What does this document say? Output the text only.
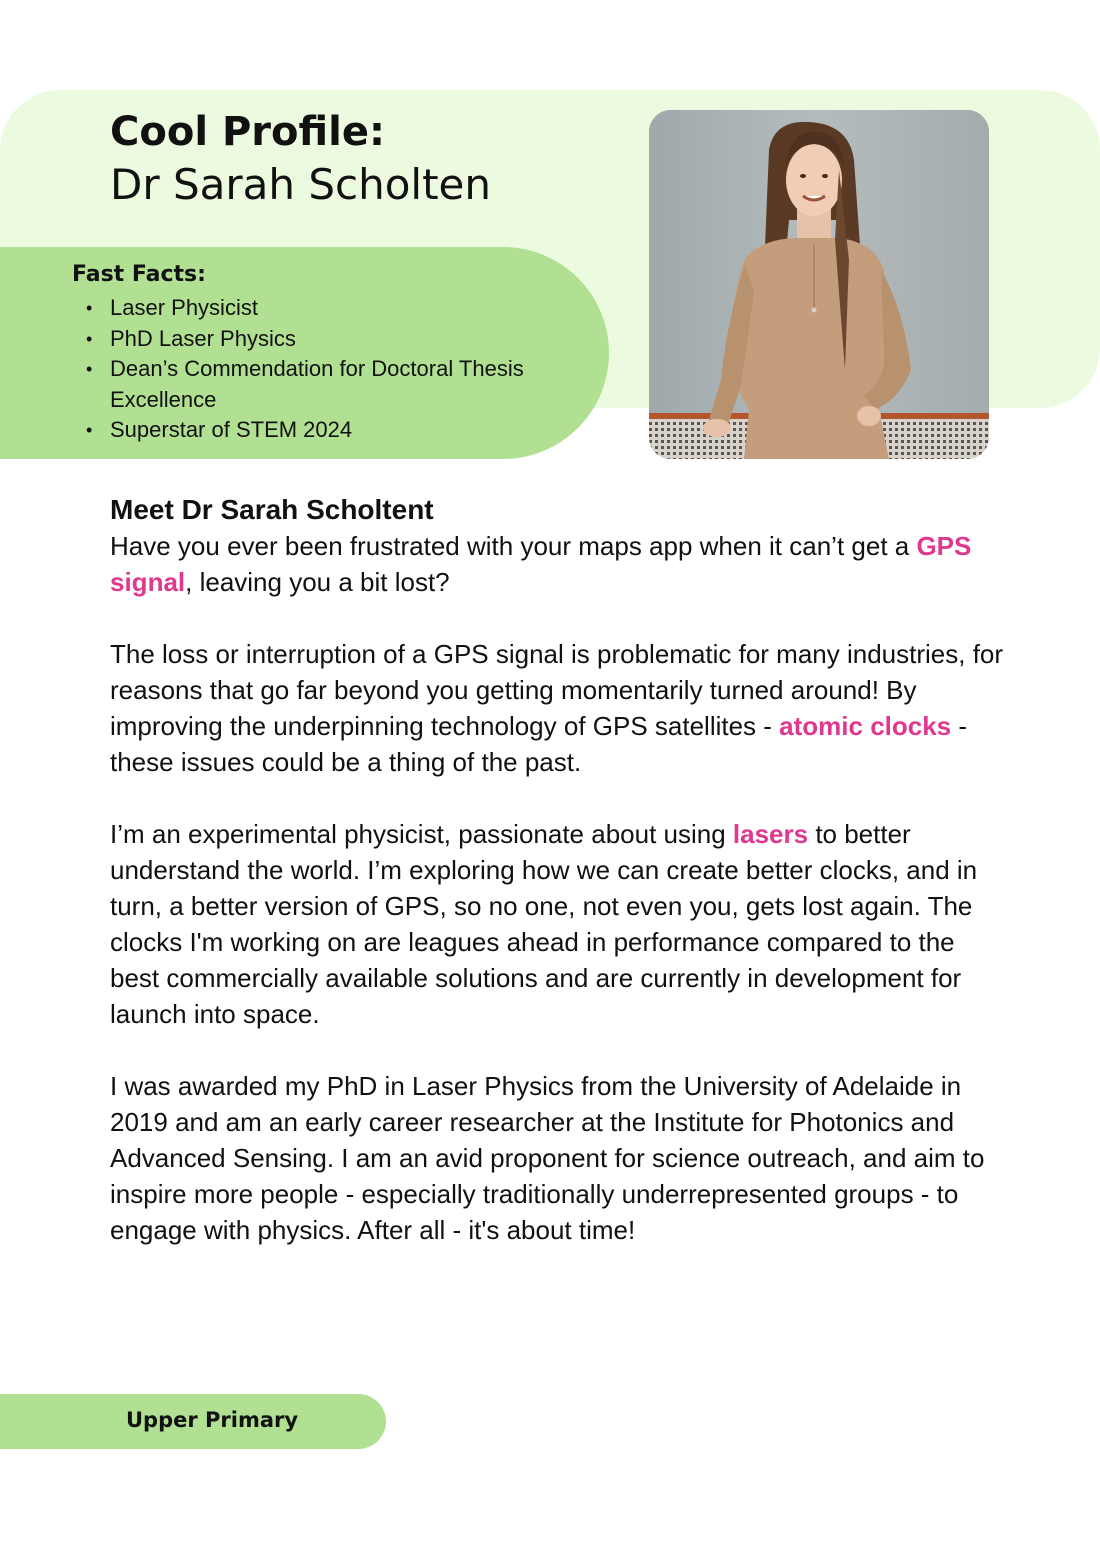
Cool Profile:
Dr Sarah Scholten
Fast Facts:
• Laser Physicist
• PhD Laser Physics
• Dean’s Commendation for Doctoral Thesis Excellence
• Superstar of STEM 2024

Meet Dr Sarah Scholtent

Have you ever been frustrated with your maps app when it can’t get a GPS signal, leaving you a bit lost?

The loss or interruption of a GPS signal is problematic for many industries, for reasons that go far beyond you getting momentarily turned around! By improving the underpinning technology of GPS satellites - atomic clocks - these issues could be a thing of the past.

I’m an experimental physicist, passionate about using lasers to better understand the world. I’m exploring how we can create better clocks, and in turn, a better version of GPS, so no one, not even you, gets lost again. The clocks I'm working on are leagues ahead in performance compared to the best commercially available solutions and are currently in development for launch into space.

I was awarded my PhD in Laser Physics from the University of Adelaide in 2019 and am an early career researcher at the Institute for Photonics and Advanced Sensing. I am an avid proponent for science outreach, and aim to inspire more people - especially traditionally underrepresented groups - to engage with physics. After all - it's about time!

Upper Primary
